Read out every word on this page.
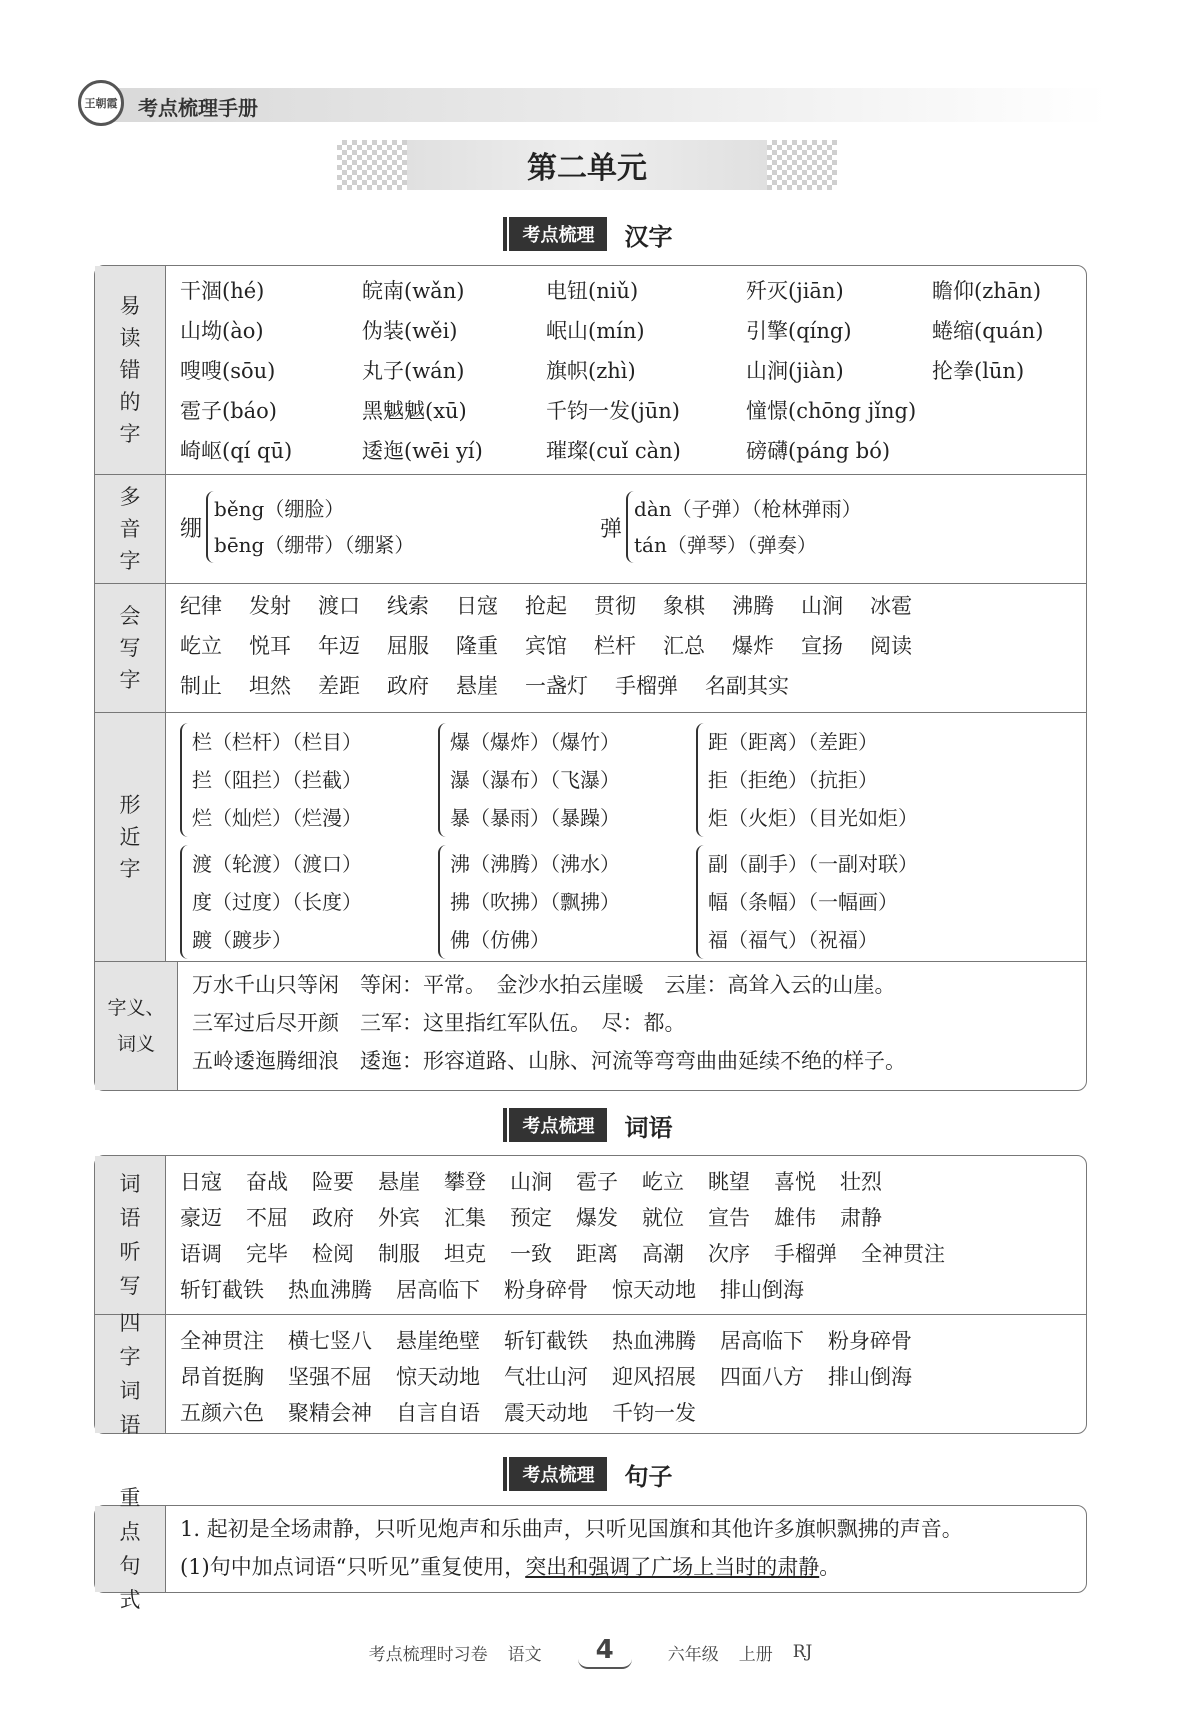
王朝霞	考点梳理手册
第二单元
考点梳理	汉字
易
读
错
的
字
干涸(hé)	皖南(wǎn)	电钮(niǔ)	歼灭(jiān)	瞻仰(zhān)
山坳(ào)	伪装(wěi)	岷山(mín)	引擎(qíng)	蜷缩(quán)
嗖嗖(sōu)	丸子(wán)	旗帜(zhì)	山涧(jiàn)	抡拳(lūn)
雹子(báo)	黑魆魆(xū)	千钧一发(jūn)	憧憬(chōng jǐng)
崎岖(qí qū)	逶迤(wēi yí)	璀璨(cuǐ càn)	磅礴(páng bó)
多
音
字
绷
běng（绷脸）
bēng（绷带）（绷紧）
弹
dàn（子弹）（枪林弹雨）
tán（弹琴）（弹奏）
会
写
字
纪律 发射 渡口 线索 日寇 抢起 贯彻 象棋 沸腾 山涧 冰雹
屹立 悦耳 年迈 屈服 隆重 宾馆 栏杆 汇总 爆炸 宣扬 阅读
制止 坦然 差距 政府 悬崖 一盏灯 手榴弹 名副其实
形
近
字
栏（栏杆）（栏目）
拦（阻拦）（拦截）
烂（灿烂）（烂漫）
爆（爆炸）（爆竹）
瀑（瀑布）（飞瀑）
暴（暴雨）（暴躁）
距（距离）（差距）
拒（拒绝）（抗拒）
炬（火炬）（目光如炬）
渡（轮渡）（渡口）
度（过度）（长度）
踱（踱步）
沸（沸腾）（沸水）
拂（吹拂）（飘拂）
佛（仿佛）
副（副手）（一副对联）
幅（条幅）（一幅画）
福（福气）（祝福）
字义、词义
万水千山只等闲　等闲：平常。　金沙水拍云崖暖　云崖：高耸入云的山崖。
三军过后尽开颜　三军：这里指红军队伍。　尽：都。
五岭逶迤腾细浪　逶迤：形容道路、山脉、河流等弯弯曲曲延续不绝的样子。
考点梳理	词语
词
语
听
写
日寇 奋战 险要 悬崖 攀登 山涧 雹子 屹立 眺望 喜悦 壮烈
豪迈 不屈 政府 外宾 汇集 预定 爆发 就位 宣告 雄伟 肃静
语调 完毕 检阅 制服 坦克 一致 距离 高潮 次序 手榴弹 全神贯注
斩钉截铁 热血沸腾 居高临下 粉身碎骨 惊天动地 排山倒海
四
字
词
语
全神贯注 横七竖八 悬崖绝壁 斩钉截铁 热血沸腾 居高临下 粉身碎骨
昂首挺胸 坚强不屈 惊天动地 气壮山河 迎风招展 四面八方 排山倒海
五颜六色 聚精会神 自言自语 震天动地 千钧一发
考点梳理	句子
重
点
句
式
1. 起初是全场肃静，只听见炮声和乐曲声，只听见国旗和其他许多旗帜飘拂的声音。
(1)句中加点词语“只听见”重复使用，突出和强调了广场上当时的肃静。
考点梳理时习卷 语文	4	六年级 上册 RJ
